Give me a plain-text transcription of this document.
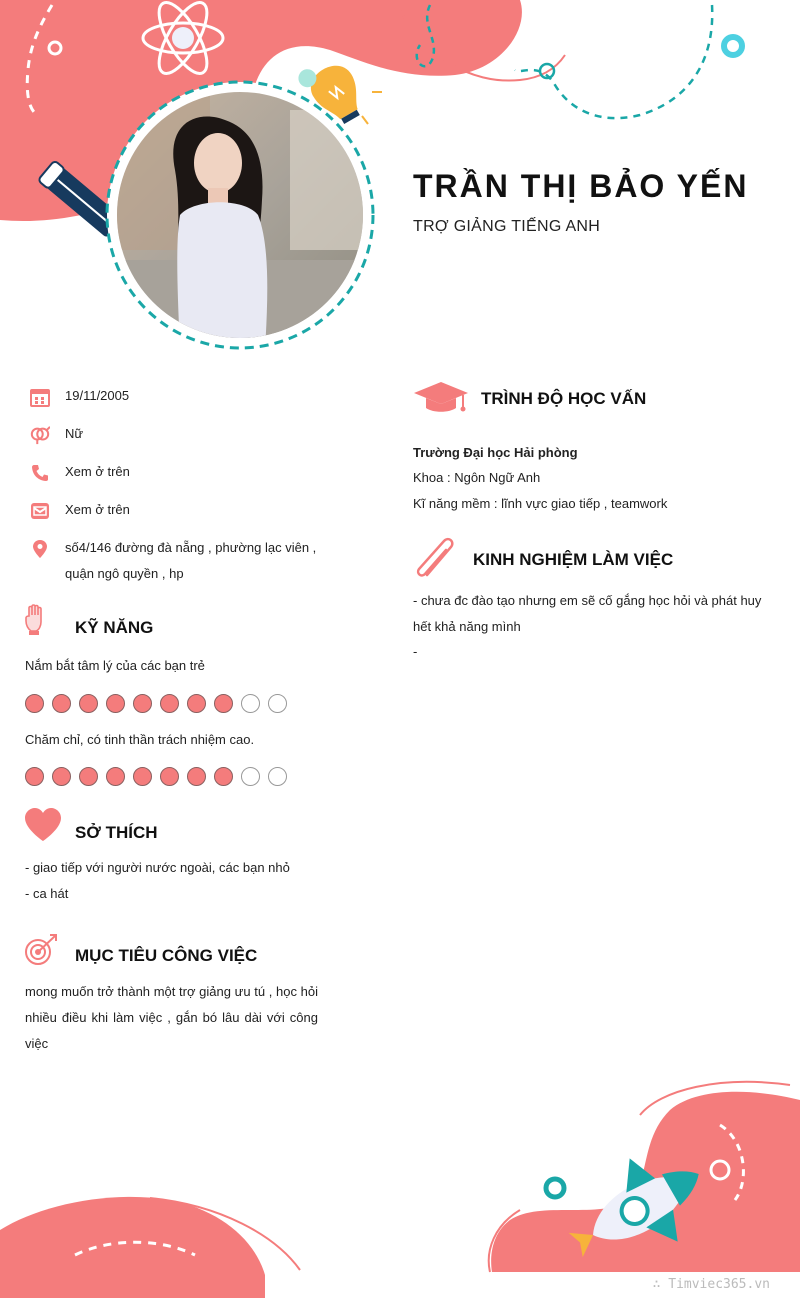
TRẦN THỊ BẢO YẾN
TRỢ GIẢNG TIẾNG ANH
19/11/2005
Nữ
Xem ở trên
Xem ở trên
số4/146 đường đà nẵng , phường lạc viên , quận ngô quyền , hp
KỸ NĂNG
Nắm bắt tâm lý của các bạn trẻ
Chăm chỉ, có tinh thần trách nhiệm cao.
SỞ THÍCH
- giao tiếp với người nước ngoài, các bạn nhỏ
- ca hát
MỤC TIÊU CÔNG VIỆC
mong muốn trở thành một trợ giảng ưu tú , học hỏi nhiều điều khi làm việc , gắn bó lâu dài với công việc
TRÌNH ĐỘ HỌC VẤN
Trường Đại học Hải phòng
Khoa : Ngôn Ngữ Anh
Kĩ năng mềm : lĩnh vực giao tiếp , teamwork
KINH NGHIỆM LÀM VIỆC
- chưa đc đào tạo nhưng em sẽ cố gắng học hỏi và phát huy hết khả năng mình
-
∴ Timviec365.vn
